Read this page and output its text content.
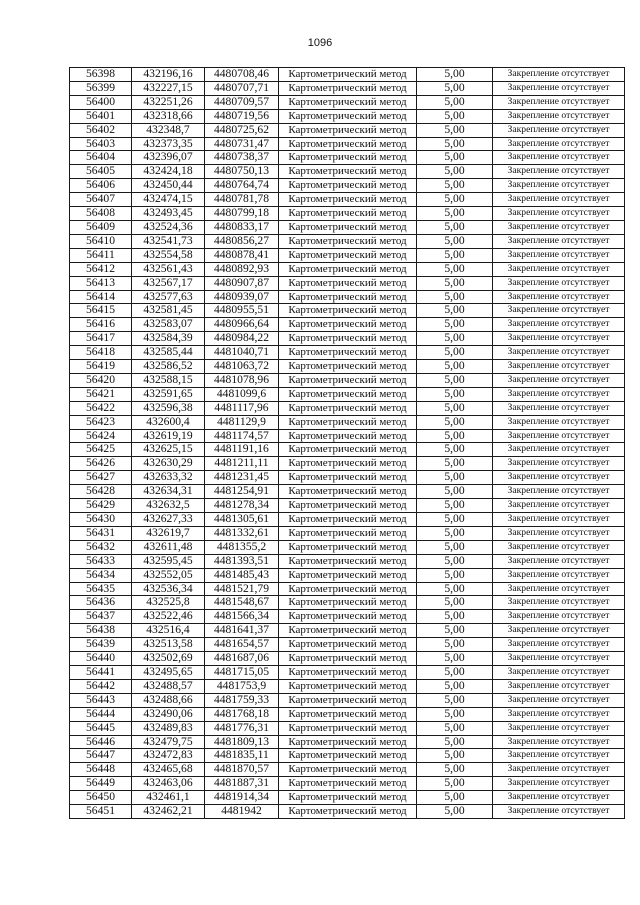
1096
56398	432196,16	4480708,46	Картометрический метод	5,00	Закрепление отсутствует
56399	432227,15	4480707,71	Картометрический метод	5,00	Закрепление отсутствует
56400	432251,26	4480709,57	Картометрический метод	5,00	Закрепление отсутствует
56401	432318,66	4480719,56	Картометрический метод	5,00	Закрепление отсутствует
56402	432348,7	4480725,62	Картометрический метод	5,00	Закрепление отсутствует
56403	432373,35	4480731,47	Картометрический метод	5,00	Закрепление отсутствует
56404	432396,07	4480738,37	Картометрический метод	5,00	Закрепление отсутствует
56405	432424,18	4480750,13	Картометрический метод	5,00	Закрепление отсутствует
56406	432450,44	4480764,74	Картометрический метод	5,00	Закрепление отсутствует
56407	432474,15	4480781,78	Картометрический метод	5,00	Закрепление отсутствует
56408	432493,45	4480799,18	Картометрический метод	5,00	Закрепление отсутствует
56409	432524,36	4480833,17	Картометрический метод	5,00	Закрепление отсутствует
56410	432541,73	4480856,27	Картометрический метод	5,00	Закрепление отсутствует
56411	432554,58	4480878,41	Картометрический метод	5,00	Закрепление отсутствует
56412	432561,43	4480892,93	Картометрический метод	5,00	Закрепление отсутствует
56413	432567,17	4480907,87	Картометрический метод	5,00	Закрепление отсутствует
56414	432577,63	4480939,07	Картометрический метод	5,00	Закрепление отсутствует
56415	432581,45	4480955,51	Картометрический метод	5,00	Закрепление отсутствует
56416	432583,07	4480966,64	Картометрический метод	5,00	Закрепление отсутствует
56417	432584,39	4480984,22	Картометрический метод	5,00	Закрепление отсутствует
56418	432585,44	4481040,71	Картометрический метод	5,00	Закрепление отсутствует
56419	432586,52	4481063,72	Картометрический метод	5,00	Закрепление отсутствует
56420	432588,15	4481078,96	Картометрический метод	5,00	Закрепление отсутствует
56421	432591,65	4481099,6	Картометрический метод	5,00	Закрепление отсутствует
56422	432596,38	4481117,96	Картометрический метод	5,00	Закрепление отсутствует
56423	432600,4	4481129,9	Картометрический метод	5,00	Закрепление отсутствует
56424	432619,19	4481174,57	Картометрический метод	5,00	Закрепление отсутствует
56425	432625,15	4481191,16	Картометрический метод	5,00	Закрепление отсутствует
56426	432630,29	4481211,11	Картометрический метод	5,00	Закрепление отсутствует
56427	432633,32	4481231,45	Картометрический метод	5,00	Закрепление отсутствует
56428	432634,31	4481254,91	Картометрический метод	5,00	Закрепление отсутствует
56429	432632,5	4481278,34	Картометрический метод	5,00	Закрепление отсутствует
56430	432627,33	4481305,61	Картометрический метод	5,00	Закрепление отсутствует
56431	432619,7	4481332,61	Картометрический метод	5,00	Закрепление отсутствует
56432	432611,48	4481355,2	Картометрический метод	5,00	Закрепление отсутствует
56433	432595,45	4481393,51	Картометрический метод	5,00	Закрепление отсутствует
56434	432552,05	4481485,43	Картометрический метод	5,00	Закрепление отсутствует
56435	432536,34	4481521,79	Картометрический метод	5,00	Закрепление отсутствует
56436	432525,8	4481548,67	Картометрический метод	5,00	Закрепление отсутствует
56437	432522,46	4481566,34	Картометрический метод	5,00	Закрепление отсутствует
56438	432516,4	4481641,37	Картометрический метод	5,00	Закрепление отсутствует
56439	432513,58	4481654,57	Картометрический метод	5,00	Закрепление отсутствует
56440	432502,69	4481687,06	Картометрический метод	5,00	Закрепление отсутствует
56441	432495,65	4481715,05	Картометрический метод	5,00	Закрепление отсутствует
56442	432488,57	4481753,9	Картометрический метод	5,00	Закрепление отсутствует
56443	432488,66	4481759,33	Картометрический метод	5,00	Закрепление отсутствует
56444	432490,06	4481768,18	Картометрический метод	5,00	Закрепление отсутствует
56445	432489,83	4481776,31	Картометрический метод	5,00	Закрепление отсутствует
56446	432479,75	4481809,13	Картометрический метод	5,00	Закрепление отсутствует
56447	432472,83	4481835,11	Картометрический метод	5,00	Закрепление отсутствует
56448	432465,68	4481870,57	Картометрический метод	5,00	Закрепление отсутствует
56449	432463,06	4481887,31	Картометрический метод	5,00	Закрепление отсутствует
56450	432461,1	4481914,34	Картометрический метод	5,00	Закрепление отсутствует
56451	432462,21	4481942	Картометрический метод	5,00	Закрепление отсутствует
